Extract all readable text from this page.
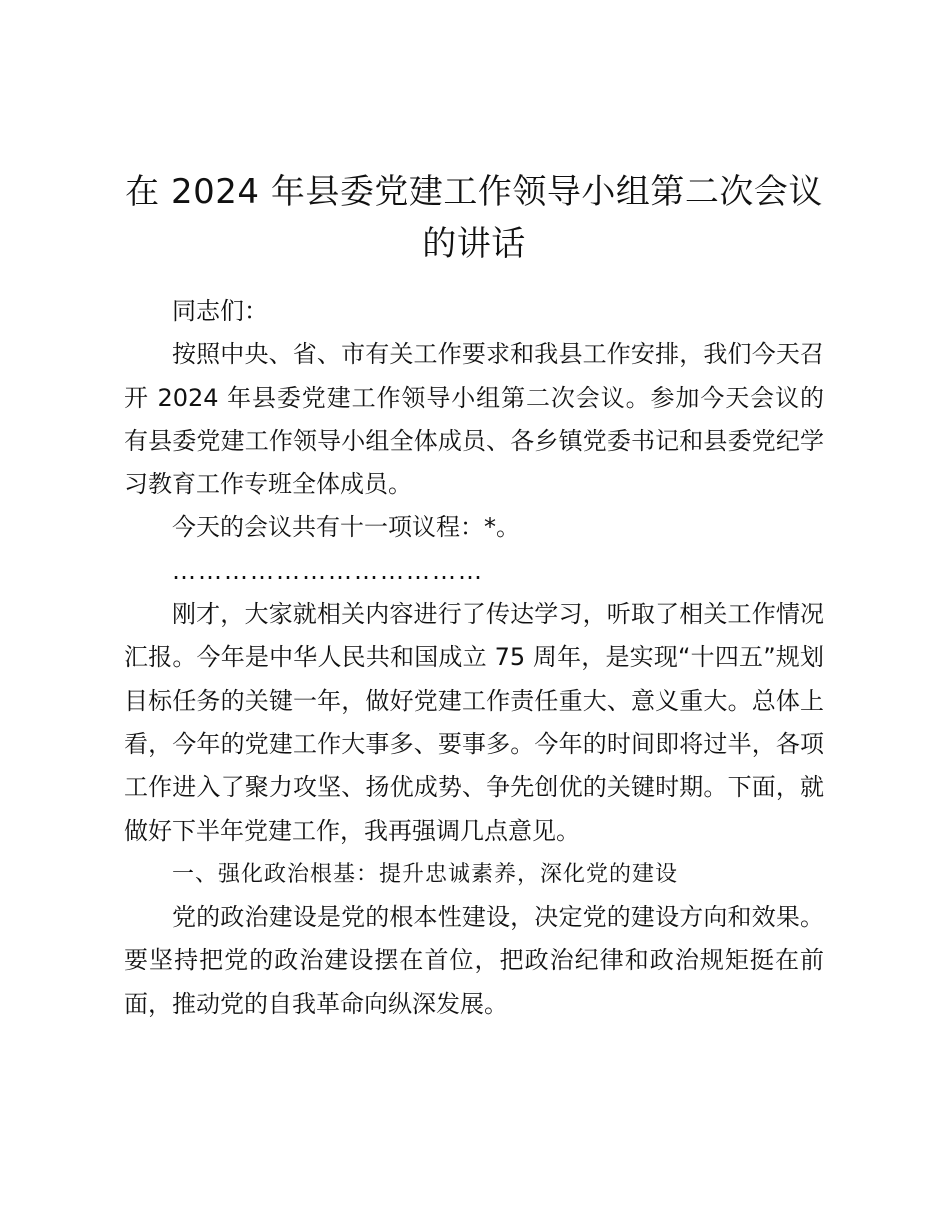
在 2024 年县委党建工作领导小组第二次会议
的讲话

同志们：

按照中央、省、市有关工作要求和我县工作安排，我们今天召开 2024 年县委党建工作领导小组第二次会议。参加今天会议的有县委党建工作领导小组全体成员、各乡镇党委书记和县委党纪学习教育工作专班全体成员。

今天的会议共有十一项议程：*。

………………………………

刚才，大家就相关内容进行了传达学习，听取了相关工作情况汇报。今年是中华人民共和国成立 75 周年，是实现“十四五”规划目标任务的关键一年，做好党建工作责任重大、意义重大。总体上看，今年的党建工作大事多、要事多。今年的时间即将过半，各项工作进入了聚力攻坚、扬优成势、争先创优的关键时期。下面，就做好下半年党建工作，我再强调几点意见。

一、强化政治根基：提升忠诚素养，深化党的建设

党的政治建设是党的根本性建设，决定党的建设方向和效果。要坚持把党的政治建设摆在首位，把政治纪律和政治规矩挺在前面，推动党的自我革命向纵深发展。
